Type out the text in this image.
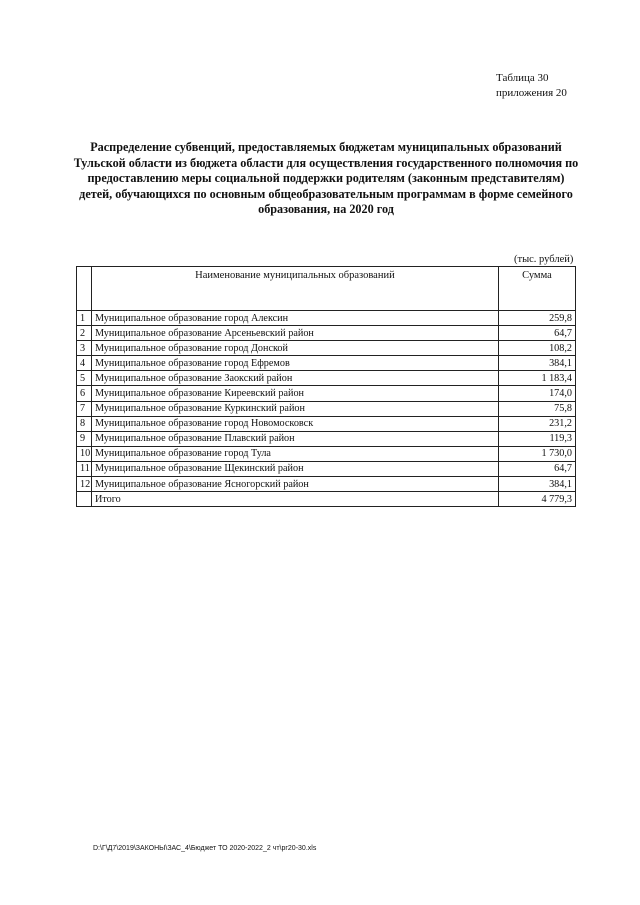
Таблица 30
приложения 20
Распределение субвенций, предоставляемых бюджетам муниципальных образований Тульской области из бюджета области для осуществления государственного полномочия по предоставлению меры социальной поддержки родителям (законным представителям) детей, обучающихся по основным общеобразовательным программам в форме семейного образования, на 2020 год
(тыс. рублей)
	Наименование муниципальных образований	Сумма
1	Муниципальное образование город Алексин	259,8
2	Муниципальное образование Арсеньевский район	64,7
3	Муниципальное образование город Донской	108,2
4	Муниципальное образование город Ефремов	384,1
5	Муниципальное образование Заокский район	1 183,4
6	Муниципальное образование Киреевский район	174,0
7	Муниципальное образование Куркинский район	75,8
8	Муниципальное образование город Новомосковск	231,2
9	Муниципальное образование Плавский район	119,3
10	Муниципальное образование город Тула	1 730,0
11	Муниципальное образование Щекинский район	64,7
12	Муниципальное образование Ясногорский район	384,1
	Итого	4 779,3
D:\Г\Д7\2019\ЗАКОНЫ\ЗАС_4\Бюджет ТО 2020-2022_2 чт\рг20-30.xls
